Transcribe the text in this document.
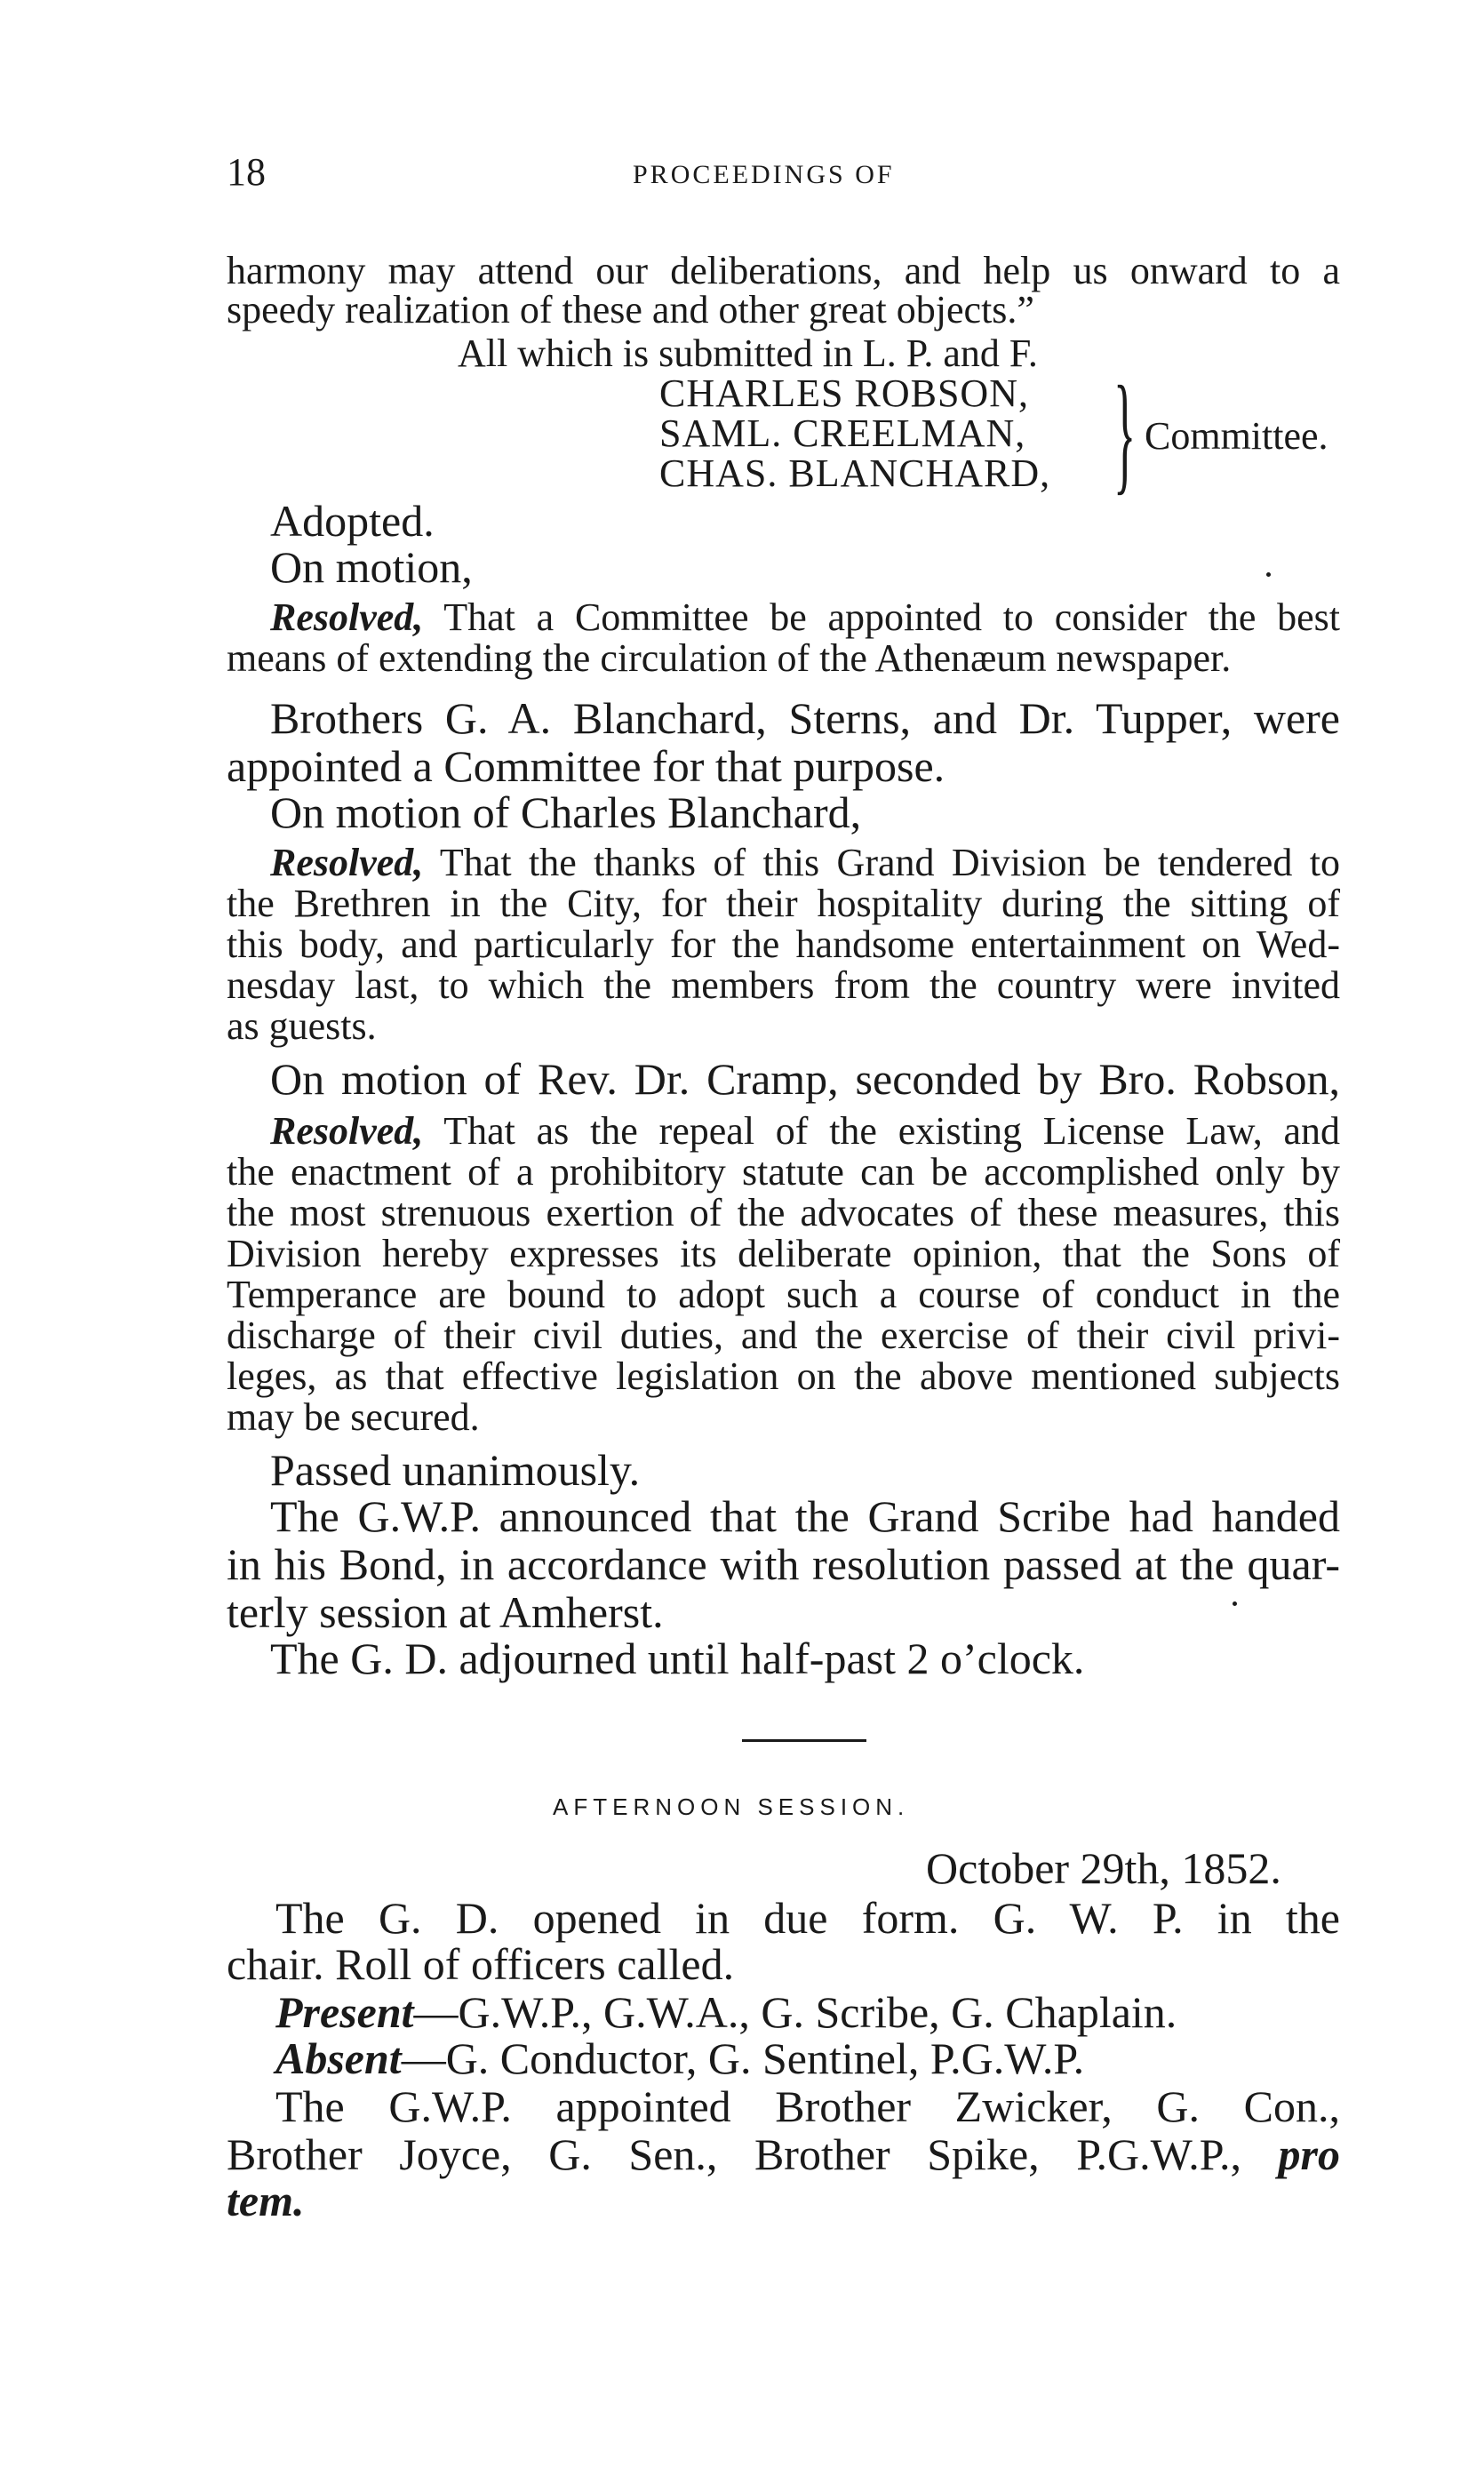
18	PROCEEDINGS OF
harmony may attend our deliberations, and help us onward to a
speedy realization of these and other great objects.”
All which is submitted in L. P. and F.
CHARLES ROBSON,
SAML. CREELMAN,
CHAS. BLANCHARD, } Committee.
Adopted.
On motion,
Resolved, That a Committee be appointed to consider the best
means of extending the circulation of the Athenæum newspaper.
Brothers G. A. Blanchard, Sterns, and Dr. Tupper, were
appointed a Committee for that purpose.
On motion of Charles Blanchard,
Resolved, That the thanks of this Grand Division be tendered to
the Brethren in the City, for their hospitality during the sitting of
this body, and particularly for the handsome entertainment on Wed-
nesday last, to which the members from the country were invited
as guests.
On motion of Rev. Dr. Cramp, seconded by Bro. Robson,
Resolved, That as the repeal of the existing License Law, and
the enactment of a prohibitory statute can be accomplished only by
the most strenuous exertion of the advocates of these measures, this
Division hereby expresses its deliberate opinion, that the Sons of
Temperance are bound to adopt such a course of conduct in the
discharge of their civil duties, and the exercise of their civil privi-
leges, as that effective legislation on the above mentioned subjects
may be secured.
Passed unanimously.
The G.W.P. announced that the Grand Scribe had handed
in his Bond, in accordance with resolution passed at the quar-
terly session at Amherst.
The G. D. adjourned until half-past 2 o’clock.
AFTERNOON SESSION.
October 29th, 1852.
The G. D. opened in due form. G. W. P. in the
chair. Roll of officers called.
Present—G.W.P., G.W.A., G. Scribe, G. Chaplain.
Absent—G. Conductor, G. Sentinel, P.G.W.P.
The G.W.P. appointed Brother Zwicker, G. Con.,
Brother Joyce, G. Sen., Brother Spike, P.G.W.P., pro
tem.
